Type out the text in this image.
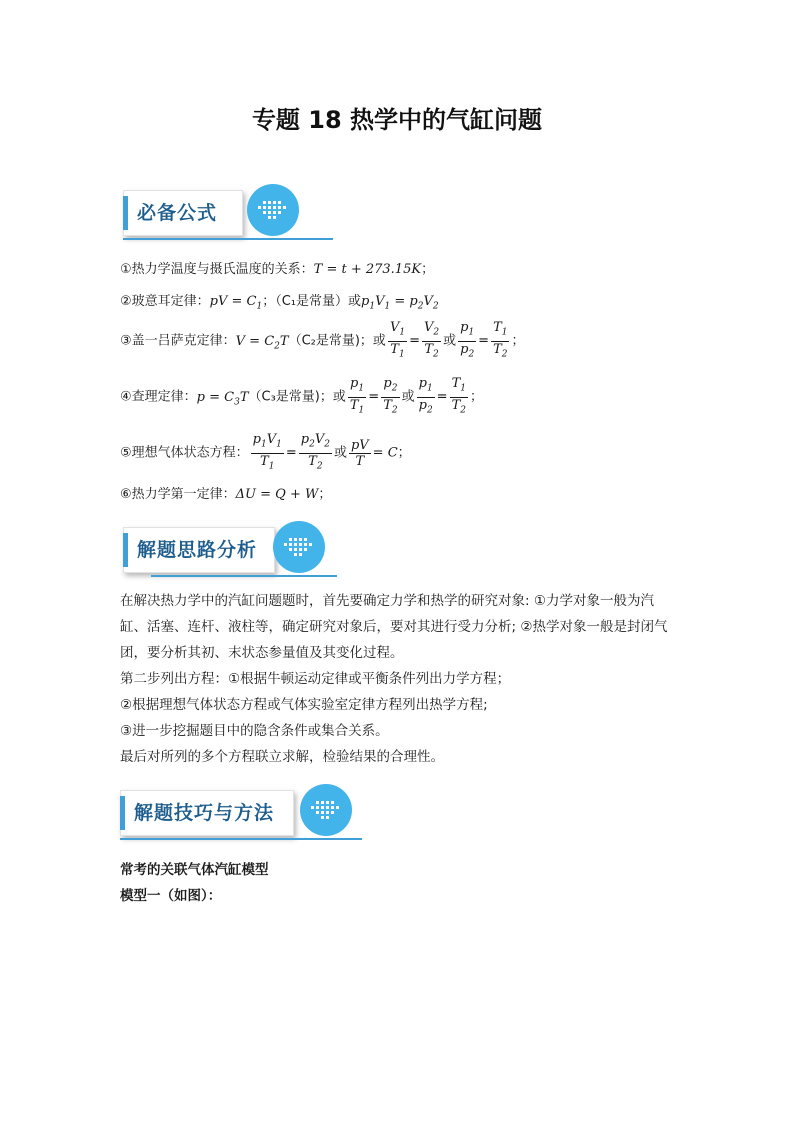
专题 18 热学中的气缸问题
必备公式
①热力学温度与摄氏温度的关系：T = t + 273.15K；
②玻意耳定律：pV = $C_1$；（C₁是常量）或$p_1V_1 = p_2V_2$
③盖一吕萨克定律：$V = C_2T(C_2$是常量)；或 $\frac{V_1}{T_1} = \frac{V_2}{T_2}$ 或 $\frac{p_1}{p_2} = \frac{T_1}{T_2}$ ；
④查理定律：$p = C_3T(C_3$是常量)；或 $\frac{p_1}{T_1} = \frac{p_2}{T_2}$ 或 $\frac{p_1}{p_2} = \frac{T_1}{T_2}$ ；
⑤理想气体状态方程： $\frac{p_1V_1}{T_1} = \frac{p_2V_2}{T_2}$ 或 $\frac{pV}{T} = C$；
⑥热力学第一定律：ΔU = Q + W；
解题思路分析
在解决热力学中的汽缸问题题时，首先要确定力学和热学的研究对象: ①力学对象一般为汽缸、活塞、连杆、液柱等，确定研究对象后，要对其进行受力分析; ②热学对象一般是封闭气团，要分析其初、末状态参量值及其变化过程。
第二步列出方程：①根据牛顿运动定律或平衡条件列出力学方程；
②根据理想气体状态方程或气体实验室定律方程列出热学方程;
③进一步挖掘题目中的隐含条件或集合关系。
最后对所列的多个方程联立求解，检验结果的合理性。
解题技巧与方法
常考的关联气体汽缸模型
模型一（如图）：
